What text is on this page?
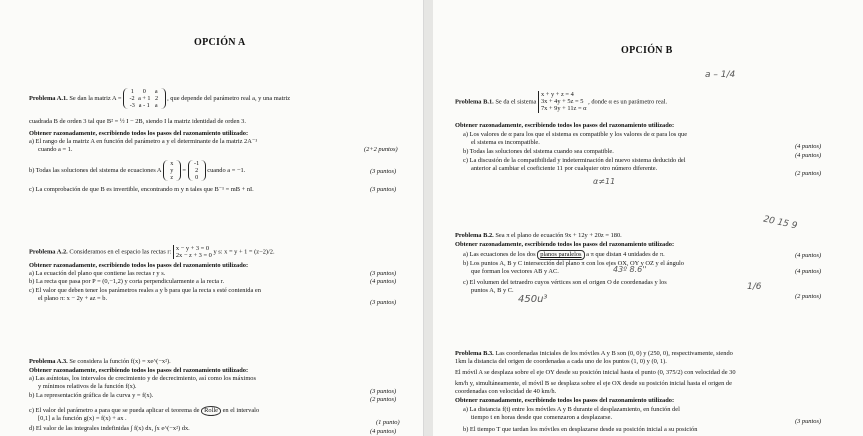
OPCIÓN A
Problema A.1. Se dan la matriz A =
1 0 a
-2 a + 1 2
-3 a - 1 a
, que depende del parámetro real a, y una matriz
cuadrada B de orden 3 tal que B² = ½ I − 2B, siendo I la matriz identidad de orden 3.
Obtener razonadamente, escribiendo todos los pasos del razonamiento utilizado:
a) El rango de la matriz A en función del parámetro a y el determinante de la matriz 2A⁻¹
cuando a = 1.	(2+2 puntos)
b) Todas las soluciones del sistema de ecuaciones A
x
y
z
=
-1
2
0
cuando a = −1.	(3 puntos)
c) La comprobación de que B es invertible, encontrando m y n tales que B⁻¹ = mB + nI.	(3 puntos)
Problema A.2. Consideramos en el espacio las rectas r: x − y + 3 = 0
2x − z + 3 = 0 y s: x = y + 1 = (z−2)/2.
Obtener razonadamente, escribiendo todos los pasos del razonamiento utilizado:
a) La ecuación del plano que contiene las rectas r y s.	(3 puntos)
b) La recta que pasa por P = (0,−1,2) y corta perpendicularmente a la recta r.	(4 puntos)
c) El valor que deben tener los parámetros reales a y b para que la recta s esté contenida en
el plano π: x − 2y + az = b.
(3 puntos)
Problema A.3. Se considera la función f(x) = xe^(−x²).
Obtener razonadamente, escribiendo todos los pasos del razonamiento utilizado:
a) Las asíntotas, los intervalos de crecimiento y de decrecimiento, así como los máximos
y mínimos relativos de la función f(x).
(3 puntos)
b) La representación gráfica de la curva y = f(x).
(2 puntos)
c) El valor del parámetro a para que se pueda aplicar el teorema de Rolle en el intervalo
[0,1] a la función g(x) = f(x) + ax .
(1 punto)
d) El valor de las integrales indefinidas ∫ f(x) dx, ∫x e^(−x²) dx.	(4 puntos)
OPCIÓN B
a – 1/4
Problema B.1. Se da el sistema x + y + z = 4
3x + 4y + 5z = 5
7x + 9y + 11z = α , donde α es un parámetro real.
Obtener razonadamente, escribiendo todos los pasos del razonamiento utilizado:
a) Los valores de α para los que el sistema es compatible y los valores de α para los que
el sistema es incompatible.
(4 puntos)
b) Todas las soluciones del sistema cuando sea compatible.
(4 puntos)
c) La discusión de la compatibilidad y indeterminación del nuevo sistema deducido del
anterior al cambiar el coeficiente 11 por cualquier otro número diferente.
(2 puntos)
α≠11
20 15 9
Problema B.2. Sea π el plano de ecuación 9x + 12y + 20z = 180.
Obtener razonadamente, escribiendo todos los pasos del razonamiento utilizado:
a) Las ecuaciones de los dos planos paralelos a π que distan 4 unidades de π.	(4 puntos)
b) Los puntos A, B y C intersección del plano π con los ejes OX, OY y OZ y el ángulo
que forman los vectores AB y AC.	43º 8.6''	(4 puntos)
c) El volumen del tetraedro cuyos vértices son el origen O de coordenadas y los
puntos A, B y C.	1/6
(2 puntos)
450u³
Problema B.3. Las coordenadas iniciales de los móviles A y B son (0, 0) y (250, 0), respectivamente, siendo
1km la distancia del origen de coordenadas a cada uno de los puntos (1, 0) y (0, 1).
El móvil A se desplaza sobre el eje OY desde su posición inicial hasta el punto (0, 375/2) con velocidad de 30
km/h y, simultáneamente, el móvil B se desplaza sobre el eje OX desde su posición inicial hasta el origen de
coordenadas con velocidad de 40 km/h.
Obtener razonadamente, escribiendo todos los pasos del razonamiento utilizado:
a) La distancia f(t) entre los móviles A y B durante el desplazamiento, en función del
tiempo t en horas desde que comenzaron a desplazarse.
(3 puntos)
b) El tiempo T que tardan los móviles en desplazarse desde su posición inicial a su posición
